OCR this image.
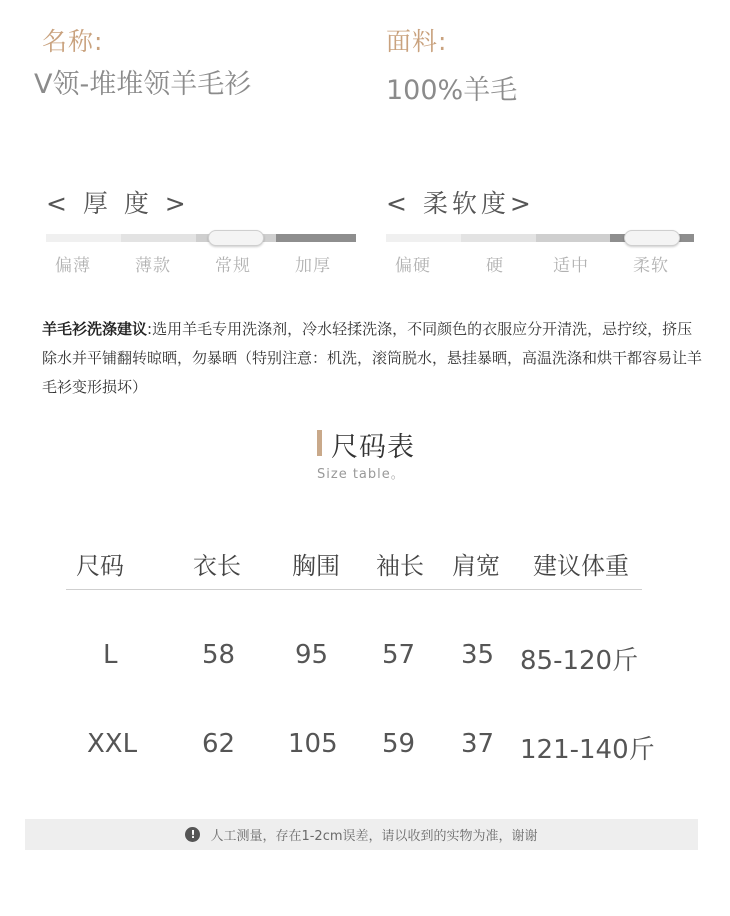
名称:
V领-堆堆领羊毛衫
面料:
100%羊毛
< 厚 度 >
偏薄	薄款	常规	加厚
< 柔软度>
偏硬	硬	适中	柔软
羊毛衫洗涤建议:选用羊毛专用洗涤剂，冷水轻揉洗涤，不同颜色的衣服应分开清洗，忌拧绞，挤压除水并平铺翻转晾晒，勿暴晒（特别注意：机洗，滚筒脱水，悬挂暴晒，高温洗涤和烘干都容易让羊毛衫变形损坏）
尺码表
Size table。
尺码	衣长 胸围 袖长 肩宽 建议体重
L	58 95 57 35 85-120斤
XXL 62 105 59 37 121-140斤
!	人工测量，存在1-2cm误差，请以收到的实物为准，谢谢
